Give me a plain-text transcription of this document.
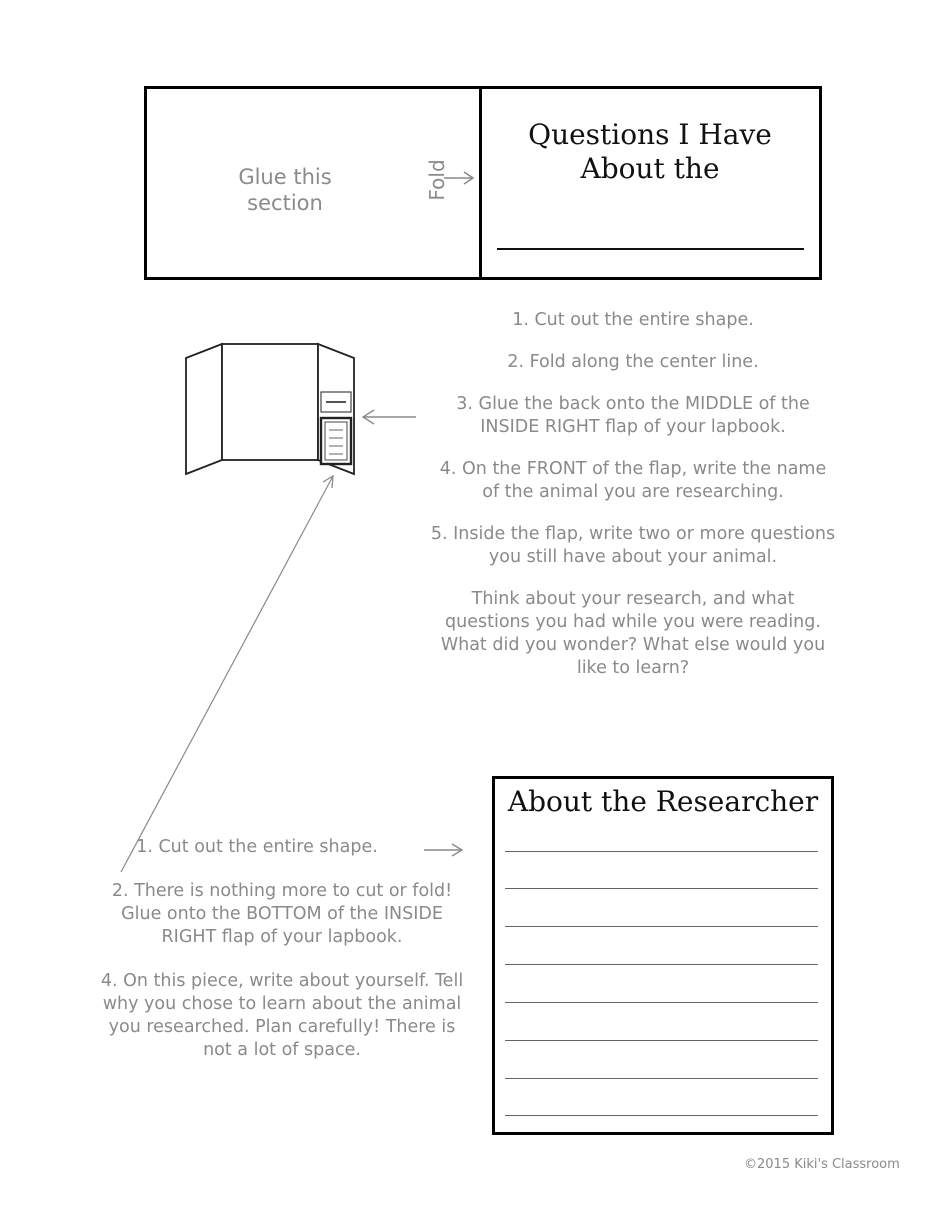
Glue this
section
Fold
Questions I Have
About the

1. Cut out the entire shape.

2. Fold along the center line.

3. Glue the back onto the MIDDLE of the INSIDE RIGHT flap of your lapbook.

4. On the FRONT of the flap, write the name of the animal you are researching.

5. Inside the flap, write two or more questions you still have about your animal.

Think about your research, and what questions you had while you were reading. What did you wonder? What else would you like to learn?

About the Researcher

1. Cut out the entire shape.

2. There is nothing more to cut or fold! Glue onto the BOTTOM of the INSIDE RIGHT flap of your lapbook.

4. On this piece, write about yourself. Tell why you chose to learn about the animal you researched. Plan carefully! There is not a lot of space.

©2015 Kiki's Classroom
